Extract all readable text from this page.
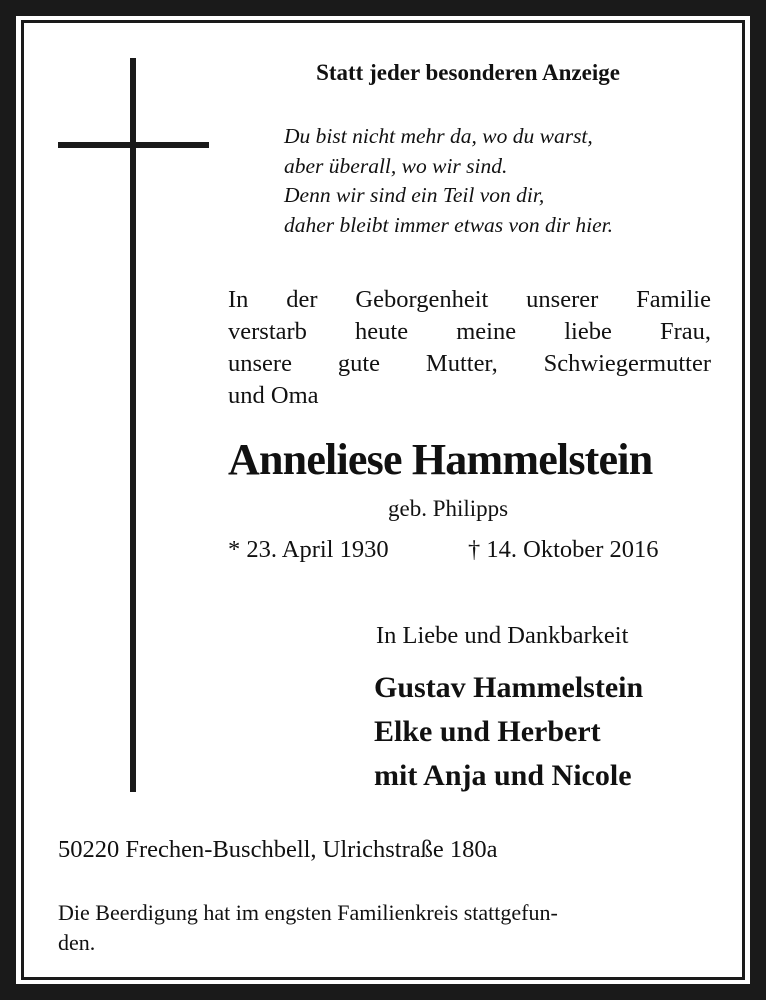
Statt jeder besonderen Anzeige
Du bist nicht mehr da, wo du warst,
aber überall, wo wir sind.
Denn wir sind ein Teil von dir,
daher bleibt immer etwas von dir hier.
In der Geborgenheit unserer Familie
verstarb heute meine liebe Frau,
unsere gute Mutter, Schwiegermutter
und Oma
Anneliese Hammelstein
geb. Philipps
* 23. April 1930	† 14. Oktober 2016
In Liebe und Dankbarkeit
Gustav Hammelstein
Elke und Herbert
mit Anja und Nicole
50220 Frechen-Buschbell, Ulrichstraße 180a
Die Beerdigung hat im engsten Familienkreis stattgefun-
den.
